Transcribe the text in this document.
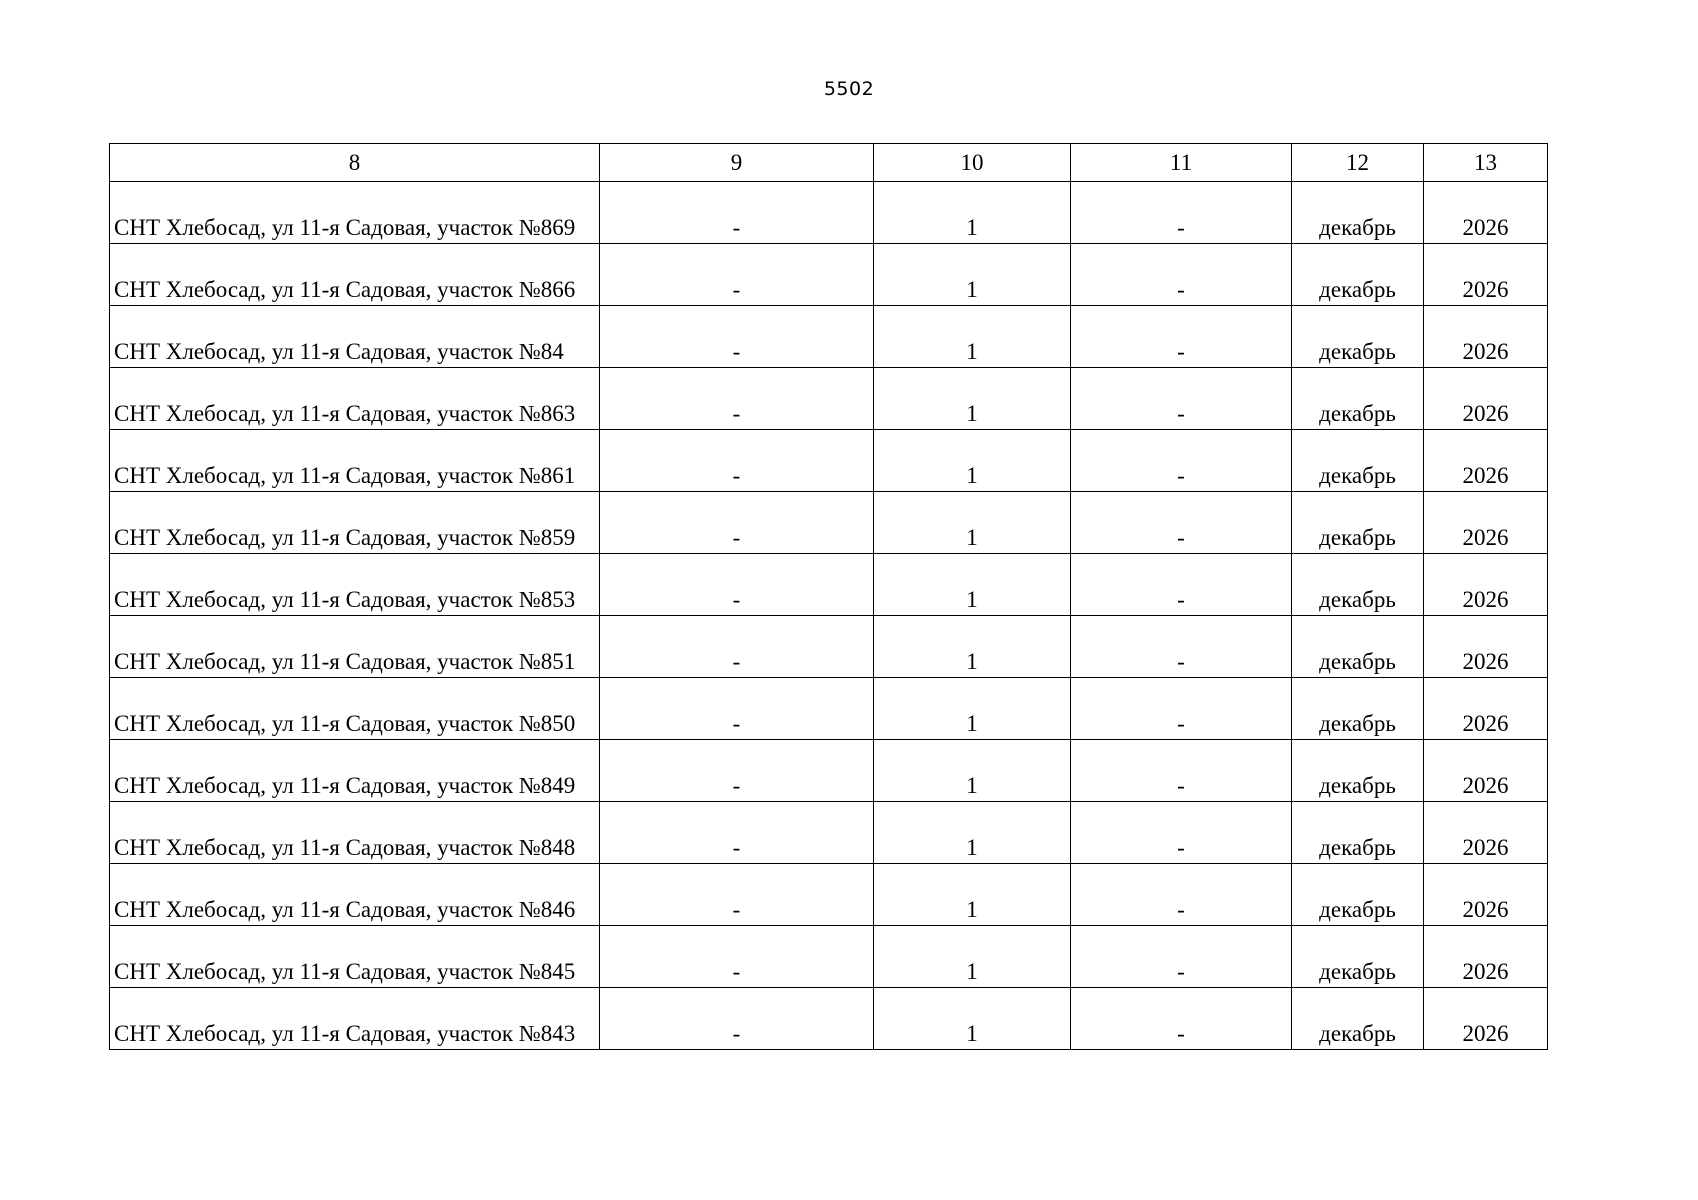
5502
8	9	10	11	12	13
СНТ Хлебосад, ул 11-я Садовая, участок №869	-	1	-	декабрь	2026
СНТ Хлебосад, ул 11-я Садовая, участок №866	-	1	-	декабрь	2026
СНТ Хлебосад, ул 11-я Садовая, участок №84	-	1	-	декабрь	2026
СНТ Хлебосад, ул 11-я Садовая, участок №863	-	1	-	декабрь	2026
СНТ Хлебосад, ул 11-я Садовая, участок №861	-	1	-	декабрь	2026
СНТ Хлебосад, ул 11-я Садовая, участок №859	-	1	-	декабрь	2026
СНТ Хлебосад, ул 11-я Садовая, участок №853	-	1	-	декабрь	2026
СНТ Хлебосад, ул 11-я Садовая, участок №851	-	1	-	декабрь	2026
СНТ Хлебосад, ул 11-я Садовая, участок №850	-	1	-	декабрь	2026
СНТ Хлебосад, ул 11-я Садовая, участок №849	-	1	-	декабрь	2026
СНТ Хлебосад, ул 11-я Садовая, участок №848	-	1	-	декабрь	2026
СНТ Хлебосад, ул 11-я Садовая, участок №846	-	1	-	декабрь	2026
СНТ Хлебосад, ул 11-я Садовая, участок №845	-	1	-	декабрь	2026
СНТ Хлебосад, ул 11-я Садовая, участок №843	-	1	-	декабрь	2026
